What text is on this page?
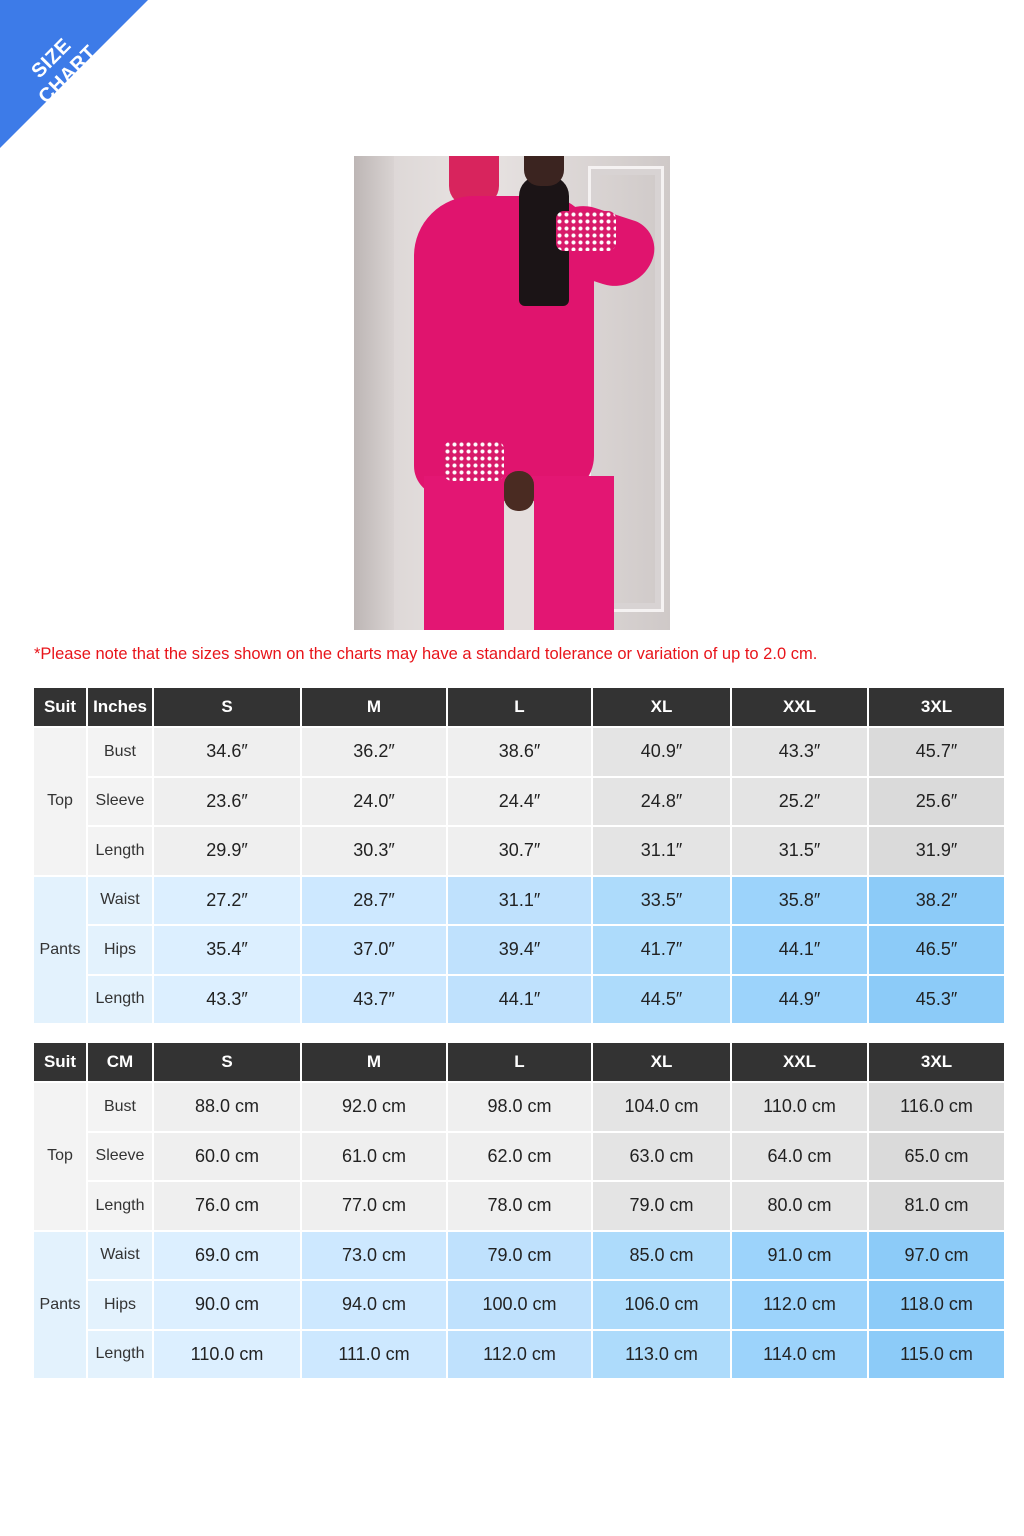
SIZE CHART
*Please note that the sizes shown on the charts may have a standard tolerance or variation of up to 2.0 cm.
Suit	Inches	S	M	L	XL	XXL	3XL
Top	Bust	34.6″	36.2″	38.6″	40.9″	43.3″	45.7″
	Sleeve	23.6″	24.0″	24.4″	24.8″	25.2″	25.6″
	Length	29.9″	30.3″	30.7″	31.1″	31.5″	31.9″
Pants	Waist	27.2″	28.7″	31.1″	33.5″	35.8″	38.2″
	Hips	35.4″	37.0″	39.4″	41.7″	44.1″	46.5″
	Length	43.3″	43.7″	44.1″	44.5″	44.9″	45.3″
Suit	CM	S	M	L	XL	XXL	3XL
Top	Bust	88.0 cm	92.0 cm	98.0 cm	104.0 cm	110.0 cm	116.0 cm
	Sleeve	60.0 cm	61.0 cm	62.0 cm	63.0 cm	64.0 cm	65.0 cm
	Length	76.0 cm	77.0 cm	78.0 cm	79.0 cm	80.0 cm	81.0 cm
Pants	Waist	69.0 cm	73.0 cm	79.0 cm	85.0 cm	91.0 cm	97.0 cm
	Hips	90.0 cm	94.0 cm	100.0 cm	106.0 cm	112.0 cm	118.0 cm
	Length	110.0 cm	111.0 cm	112.0 cm	113.0 cm	114.0 cm	115.0 cm
